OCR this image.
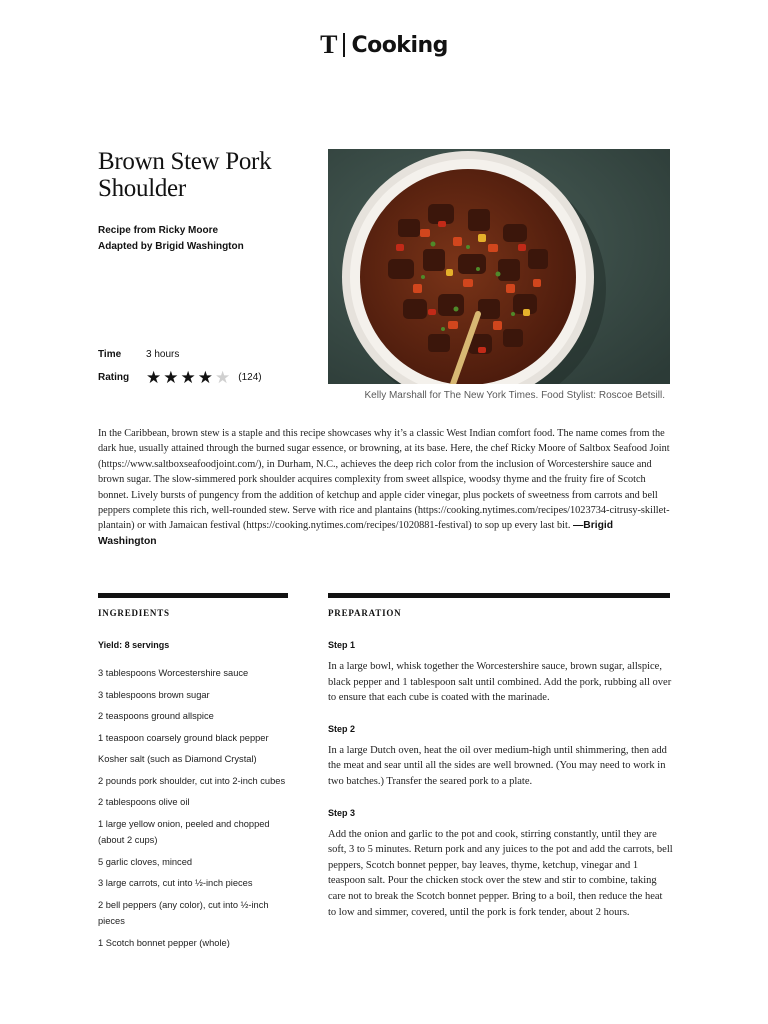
T Cooking
Brown Stew Pork Shoulder
Recipe from Ricky Moore
Adapted by Brigid Washington
Time	3 hours
Rating ★ ★ ★ ★ ★ (124)
Kelly Marshall for The New York Times. Food Stylist: Roscoe Betsill.

In the Caribbean, brown stew is a staple and this recipe showcases why it’s a classic West Indian comfort food. The name comes from the dark hue, usually attained through the burned sugar essence, or browning, at its base. Here, the chef Ricky Moore of Saltbox Seafood Joint (https://www.saltboxseafoodjoint.com/), in Durham, N.C., achieves the deep rich color from the inclusion of Worcestershire sauce and brown sugar. The slow-simmered pork shoulder acquires complexity from sweet allspice, woodsy thyme and the fruity fire of Scotch bonnet. Lively bursts of pungency from the addition of ketchup and apple cider vinegar, plus pockets of sweetness from carrots and bell peppers complete this rich, well-rounded stew. Serve with rice and plantains (https://cooking.nytimes.com/recipes/1023734-citrusy-skillet-plantain) or with Jamaican festival (https://cooking.nytimes.com/recipes/1020881-festival) to sop up every last bit. —Brigid Washington

INGREDIENTS	PREPARATION
Yield: 8 servings
3 tablespoons Worcestershire sauce
3 tablespoons brown sugar
2 teaspoons ground allspice
1 teaspoon coarsely ground black pepper
Kosher salt (such as Diamond Crystal)
2 pounds pork shoulder, cut into 2-inch cubes
2 tablespoons olive oil
1 large yellow onion, peeled and chopped (about 2 cups)
5 garlic cloves, minced
3 large carrots, cut into ½-inch pieces
2 bell peppers (any color), cut into ½-inch pieces
1 Scotch bonnet pepper (whole)
Step 1

In a large bowl, whisk together the Worcestershire sauce, brown sugar, allspice, black pepper and 1 tablespoon salt until combined. Add the pork, rubbing all over to ensure that each cube is coated with the marinade.

Step 2

In a large Dutch oven, heat the oil over medium-high until shimmering, then add the meat and sear until all the sides are well browned. (You may need to work in two batches.) Transfer the seared pork to a plate.

Step 3

Add the onion and garlic to the pot and cook, stirring constantly, until they are soft, 3 to 5 minutes. Return pork and any juices to the pot and add the carrots, bell peppers, Scotch bonnet pepper, bay leaves, thyme, ketchup, vinegar and 1 teaspoon salt. Pour the chicken stock over the stew and stir to combine, taking care not to break the Scotch bonnet pepper. Bring to a boil, then reduce the heat to low and simmer, covered, until the pork is fork tender, about 2 hours.
